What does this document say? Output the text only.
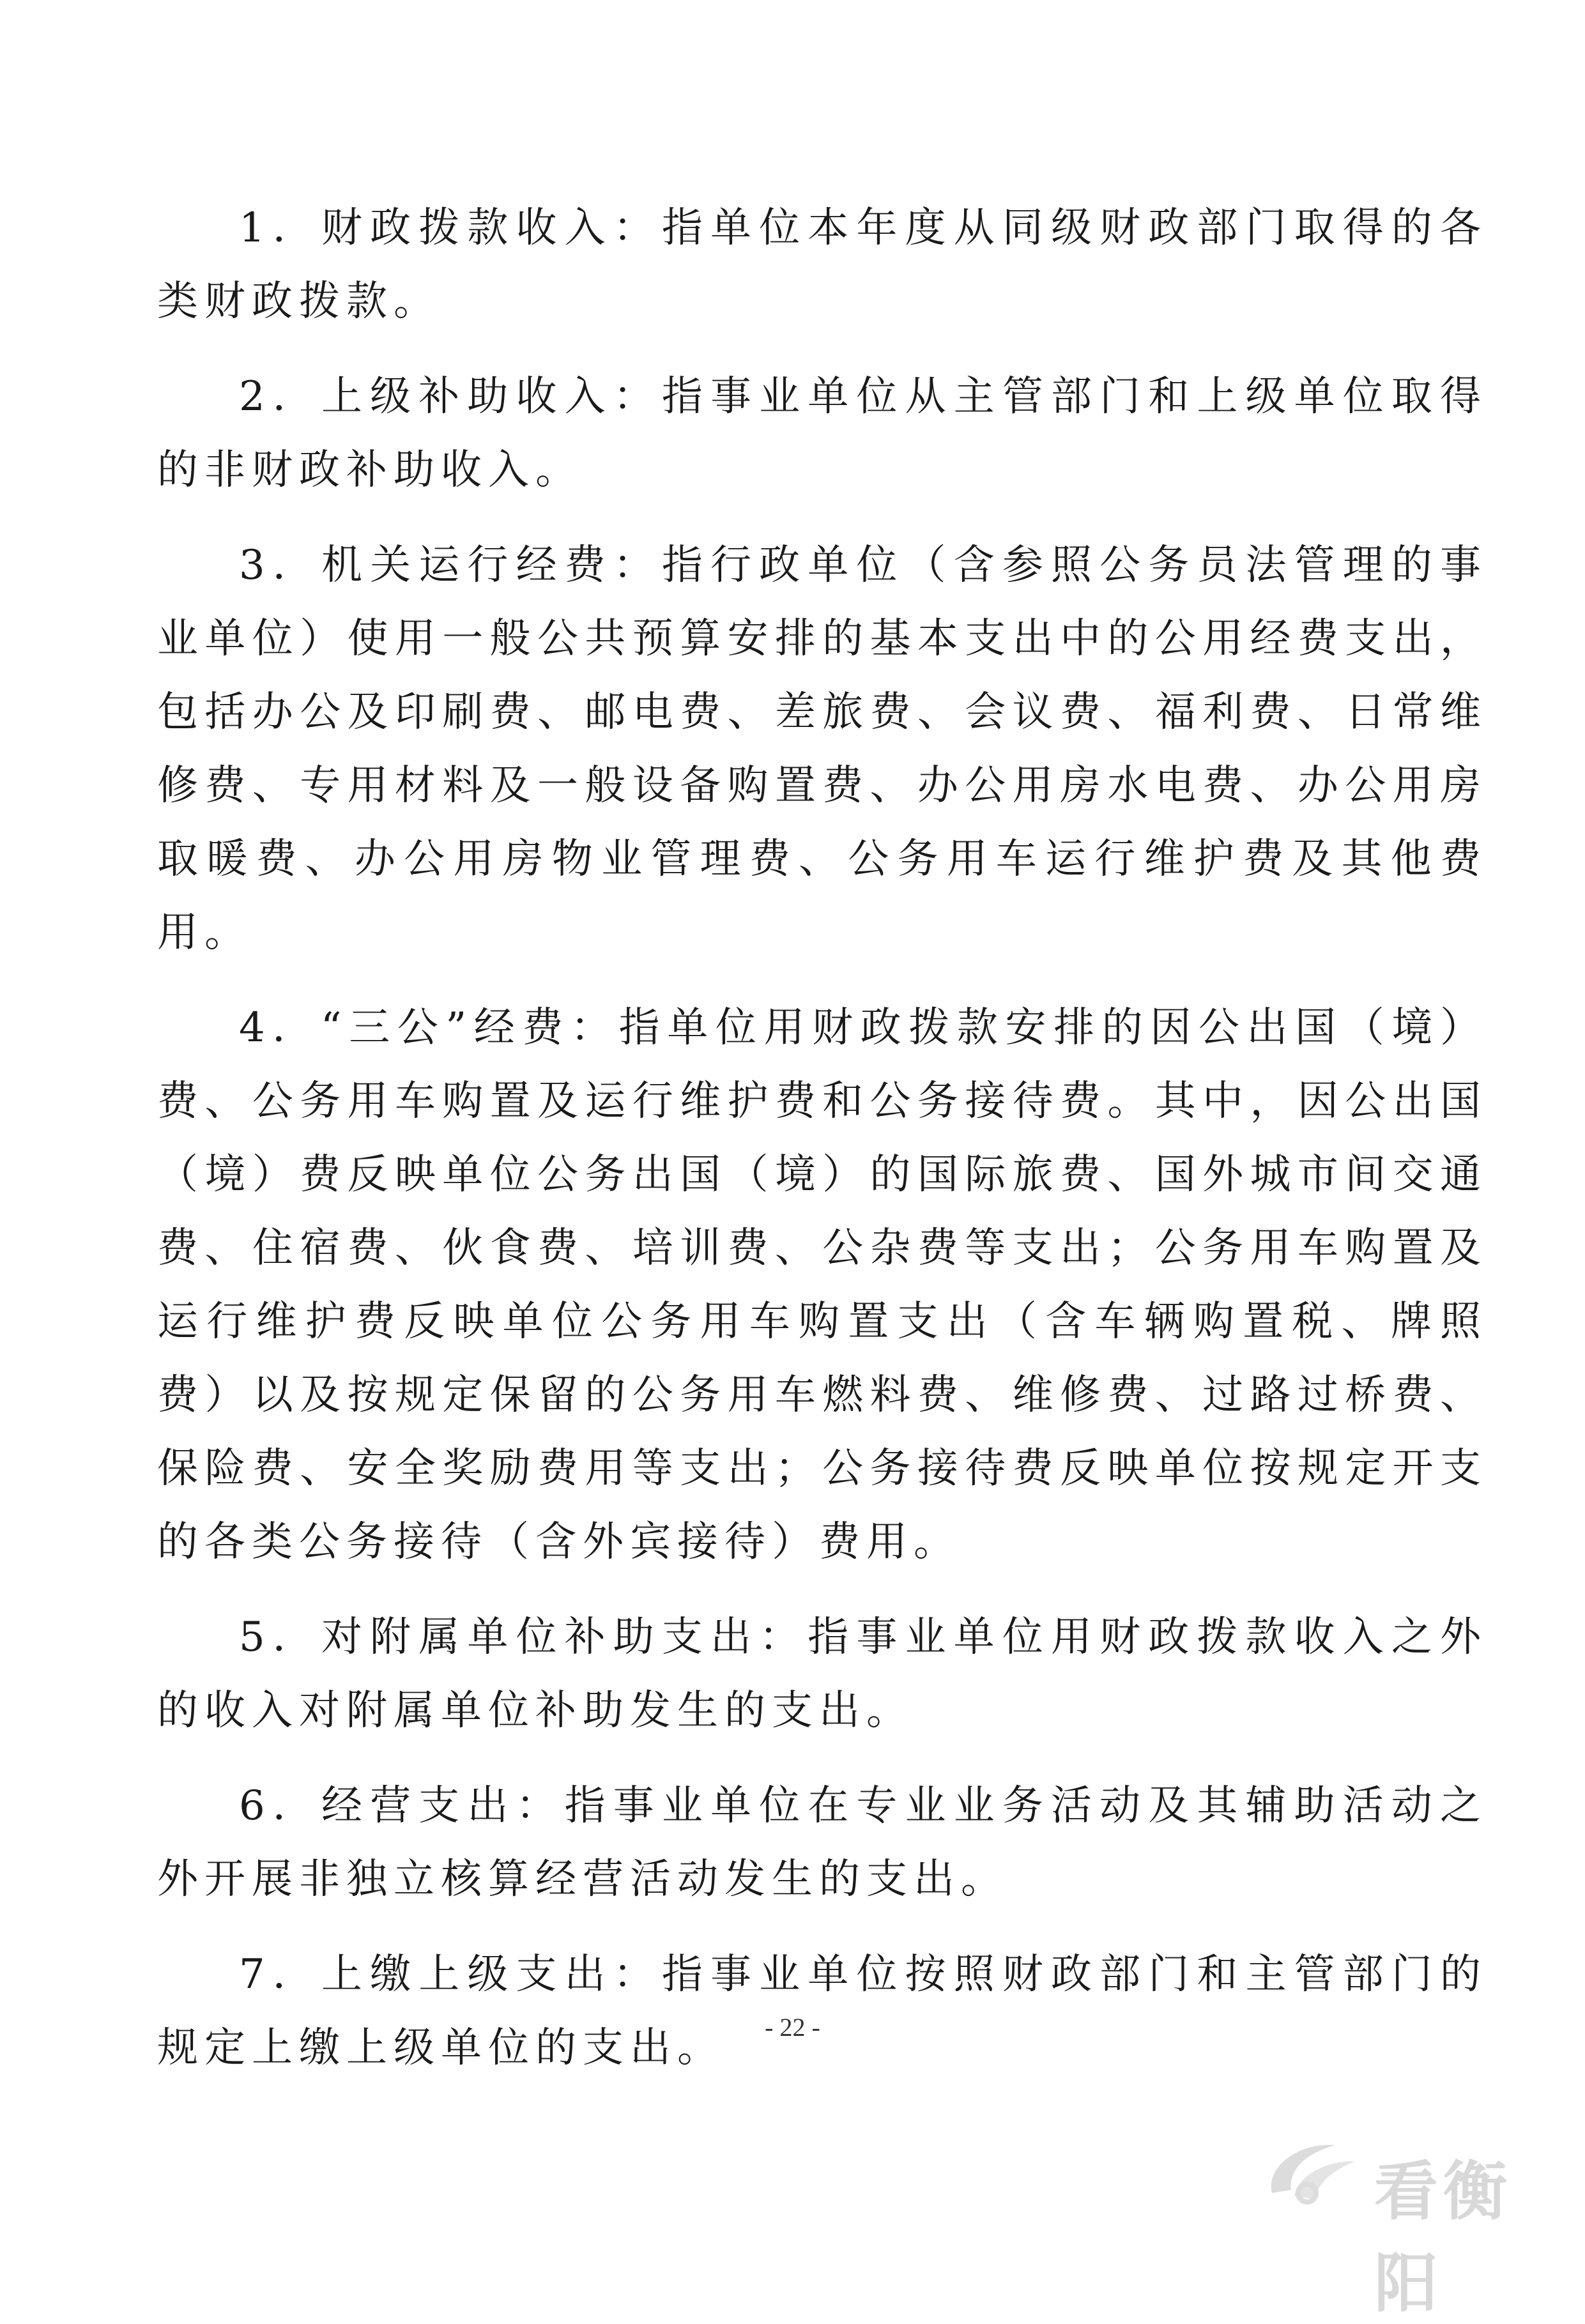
1．财政拨款收入：指单位本年度从同级财政部门取得的各类财政拨款。

2．上级补助收入：指事业单位从主管部门和上级单位取得的非财政补助收入。

3．机关运行经费：指行政单位（含参照公务员法管理的事业单位）使用一般公共预算安排的基本支出中的公用经费支出，包括办公及印刷费、邮电费、差旅费、会议费、福利费、日常维修费、专用材料及一般设备购置费、办公用房水电费、办公用房取暖费、办公用房物业管理费、公务用车运行维护费及其他费用。

4．“三公”经费：指单位用财政拨款安排的因公出国（境）费、公务用车购置及运行维护费和公务接待费。其中，因公出国（境）费反映单位公务出国（境）的国际旅费、国外城市间交通费、住宿费、伙食费、培训费、公杂费等支出；公务用车购置及运行维护费反映单位公务用车购置支出（含车辆购置税、牌照费）以及按规定保留的公务用车燃料费、维修费、过路过桥费、保险费、安全奖励费用等支出；公务接待费反映单位按规定开支的各类公务接待（含外宾接待）费用。

5．对附属单位补助支出：指事业单位用财政拨款收入之外的收入对附属单位补助发生的支出。

6．经营支出：指事业单位在专业业务活动及其辅助活动之外开展非独立核算经营活动发生的支出。

7．上缴上级支出：指事业单位按照财政部门和主管部门的规定上缴上级单位的支出。	- 22 -
看衡阳
